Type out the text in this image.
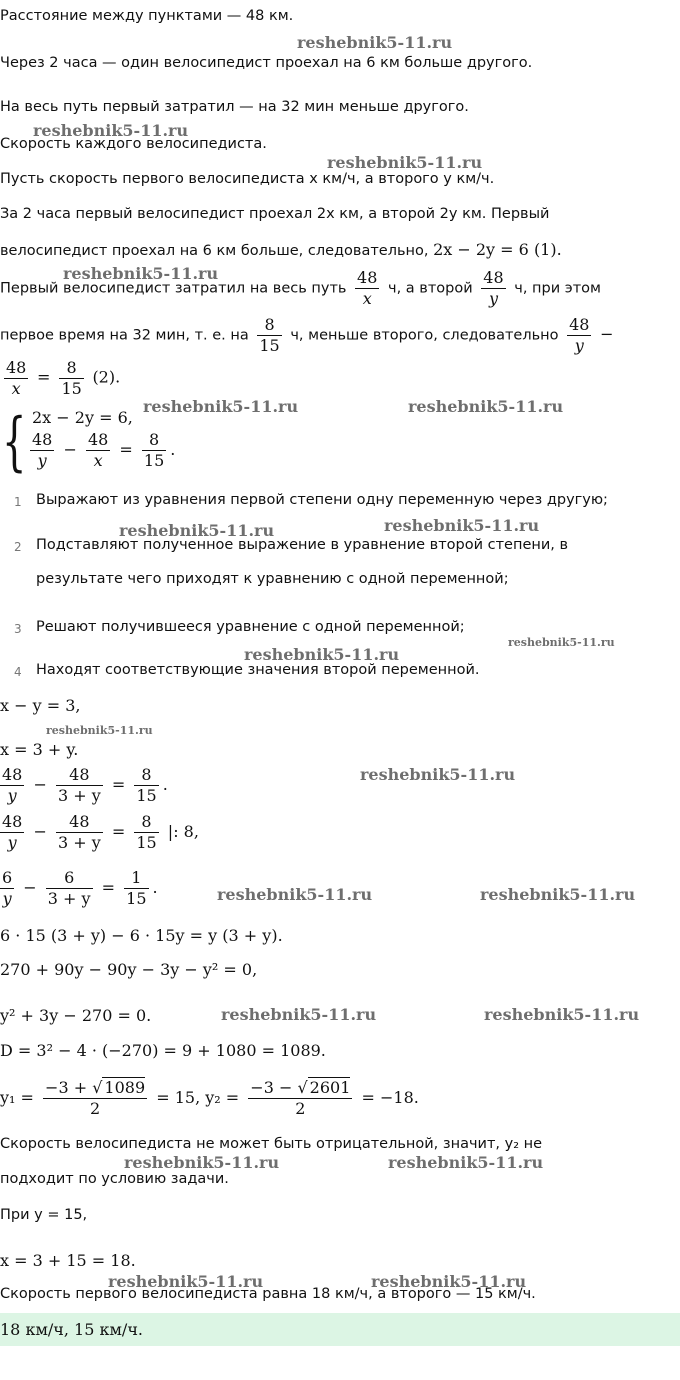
Расстояние между пунктами — 48 км.
Через 2 часа — один велосипедист проехал на 6 км больше другого.
На весь путь первый затратил — на 32 мин меньше другого.
Скорость каждого велосипедиста.
Пусть скорость первого велосипедиста x км/ч, а второго y км/ч.
За 2 часа первый велосипедист проехал 2x км, а второй 2y км. Первый
велосипедист проехал на 6 км больше, следовательно, 2x − 2y = 6 (1).
Первый велосипедист затратил на весь путь $\frac{48}{x} ч$, а второй $\frac{48}{y} ч$, при этом
первое время на 32 мин, т. е. на $\frac{8}{15} ч$, меньше второго, следовательно $\frac{48}{y}$ −
$\frac{48}{x} = \frac{8}{15} (2)$.
{ 2x − 2y = 6,
$\frac{48}{y} - \frac{48}{x} = \frac{8}{15}$ .
1 Выражают из уравнения первой степени одну переменную через другую;
2 Подставляют полученное выражение в уравнение второй степени, в
результате чего приходят к уравнению с одной переменной;
3 Решают получившееся уравнение с одной переменной;
4 Находят соответствующие значения второй переменной.
x − y = 3,
x = 3 + y.
$\frac{48}{y} - \frac{48}{3 + y} = \frac{8}{15}$ .
$\frac{48}{y} - \frac{48}{3 + y} = \frac{8}{15}$ |: 8,
$\frac{6}{y} - \frac{6}{3 + y} = \frac{1}{15}$ .
6 · 15 (3 + y) − 6 · 15y = y (3 + y).
270 + 90y − 90y − 3y − y² = 0,
y² + 3y − 270 = 0.
D = 3² − 4 · (−270) = 9 + 1080 = 1089.
$y_1 = \frac{-3 + √ 1089}{2} = 15$, $y_2 = \frac{-3 - √ 2601}{2} = -18$.
Скорость велосипедиста не может быть отрицательной, значит, y₂ не
подходит по условию задачи.
При y = 15,
x = 3 + 15 = 18.
Скорость первого велосипедиста равна 18 км/ч, а второго — 15 км/ч.
18 км/ч, 15 км/ч.
reshebnik5-11.ru
reshebnik5-11.ru
reshebnik5-11.ru
reshebnik5-11.ru
reshebnik5-11.ru	reshebnik5-11.ru
reshebnik5-11.ru	reshebnik5-11.ru
reshebnik5-11.ru
reshebnik5-11.ru
reshebnik5-11.ru
reshebnik5-11.ru
reshebnik5-11.ru	reshebnik5-11.ru
reshebnik5-11.ru	reshebnik5-11.ru
reshebnik5-11.ru	reshebnik5-11.ru
reshebnik5-11.ru	reshebnik5-11.ru
